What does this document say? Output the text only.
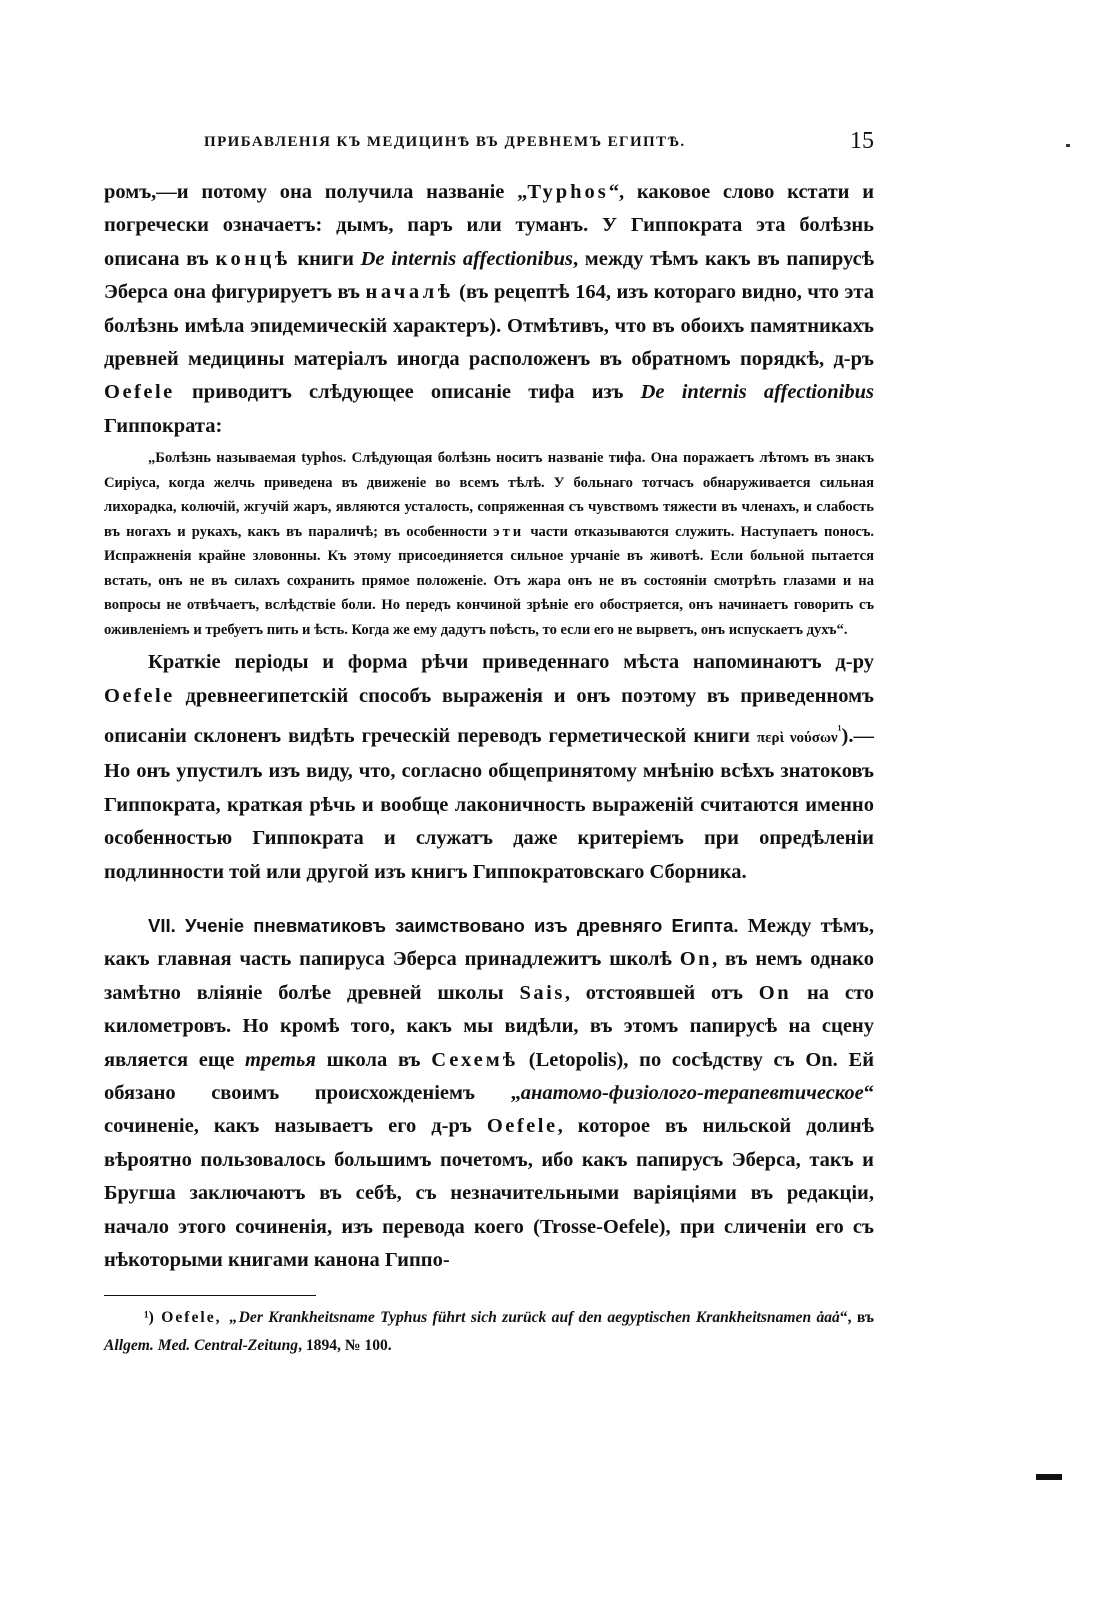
ПРИБАВЛЕНІЯ КЪ МЕДИЦИНѢ ВЪ ДРЕВНЕМЪ ЕГИПТѢ.	15

ромъ,—и потому она получила названіе „Typhos“, каковое слово кстати и погречески означаетъ: дымъ, паръ или туманъ. У Гиппократа эта болѣзнь описана въ концѣ книги De internis affectionibus, между тѣмъ какъ въ папирусѣ Эберса она фигурируетъ въ началѣ (въ рецептѣ 164, изъ котораго видно, что эта болѣзнь имѣла эпидемическій характеръ). Отмѣтивъ, что въ обоихъ памятникахъ древней медицины матеріалъ иногда расположенъ въ обратномъ порядкѣ, д-ръ Oefele приводитъ слѣдующее описаніе тифа изъ De internis affectionibus Гиппократа:

„Болѣзнь называемая typhos. Слѣдующая болѣзнь носитъ названіе тифа. Она поражаетъ лѣтомъ въ знакъ Сиріуса, когда желчь приведена въ движеніе во всемъ тѣлѣ. У больнаго тотчасъ обнаруживается сильная лихорадка, колючій, жгучій жаръ, являются усталость, сопряженная съ чувствомъ тяжести въ членахъ, и слабость въ ногахъ и рукахъ, какъ въ параличѣ; въ особенности эти части отказываются служить. Наступаетъ поносъ. Испражненія крайне зловонны. Къ этому присоединяется сильное урчаніе въ животѣ. Если больной пытается встать, онъ не въ силахъ сохранить прямое положеніе. Отъ жара онъ не въ состояніи смотрѣть глазами и на вопросы не отвѣчаетъ, вслѣдствіе боли. Но передъ кончиной зрѣніе его обостряется, онъ начинаетъ говорить съ оживленіемъ и требуетъ пить и ѣсть. Когда же ему дадутъ поѣсть, то если его не вырветъ, онъ испускаетъ духъ“.

Краткіе періоды и форма рѣчи приведеннаго мѣста напоминаютъ д-ру Oefele древнеегипетскій способъ выраженія и онъ поэтому въ приведенномъ описаніи склоненъ видѣть греческій переводъ герметической книги περὶ νούσων$^{^1}$).—Но онъ упустилъ изъ виду, что, согласно общепринятому мнѣнію всѣхъ знатоковъ Гиппократа, краткая рѣчь и вообще лаконичность выраженій считаются именно особенностью Гиппократа и служатъ даже критеріемъ при опредѣленіи подлинности той или другой изъ книгъ Гиппократовскаго Сборника.

VII. Ученіе пневматиковъ заимствовано изъ древняго Египта. Между тѣмъ, какъ главная часть папируса Эберса принадлежитъ школѣ On, въ немъ однако замѣтно вліяніе болѣе древней школы Sais, отстоявшей отъ On на сто километровъ. Но кромѣ того, какъ мы видѣли, въ этомъ папирусѣ на сцену является еще третья школа въ Сехемѣ (Letopolis), по сосѣдству съ On. Ей обязано своимъ происхожденіемъ „анатомо-физіолого-терапевтическое“ сочиненіе, какъ называетъ его д-ръ Oefele, которое въ нильской долинѣ вѣроятно пользовалось большимъ почетомъ, ибо какъ папирусъ Эберса, такъ и Бругша заключаютъ въ себѣ, съ незначительными варіяціями въ редакціи, начало этого сочиненія, изъ перевода коего (Trosse-Oefele), при сличеніи его съ нѣкоторыми книгами канона Гиппо-

¹) Oefele, „Der Krankheitsname Typhus führt sich zurück auf den aegyptischen Krankheitsnamen ȧaȧ“, въ Allgem. Med. Central-Zeitung, 1894, № 100.
